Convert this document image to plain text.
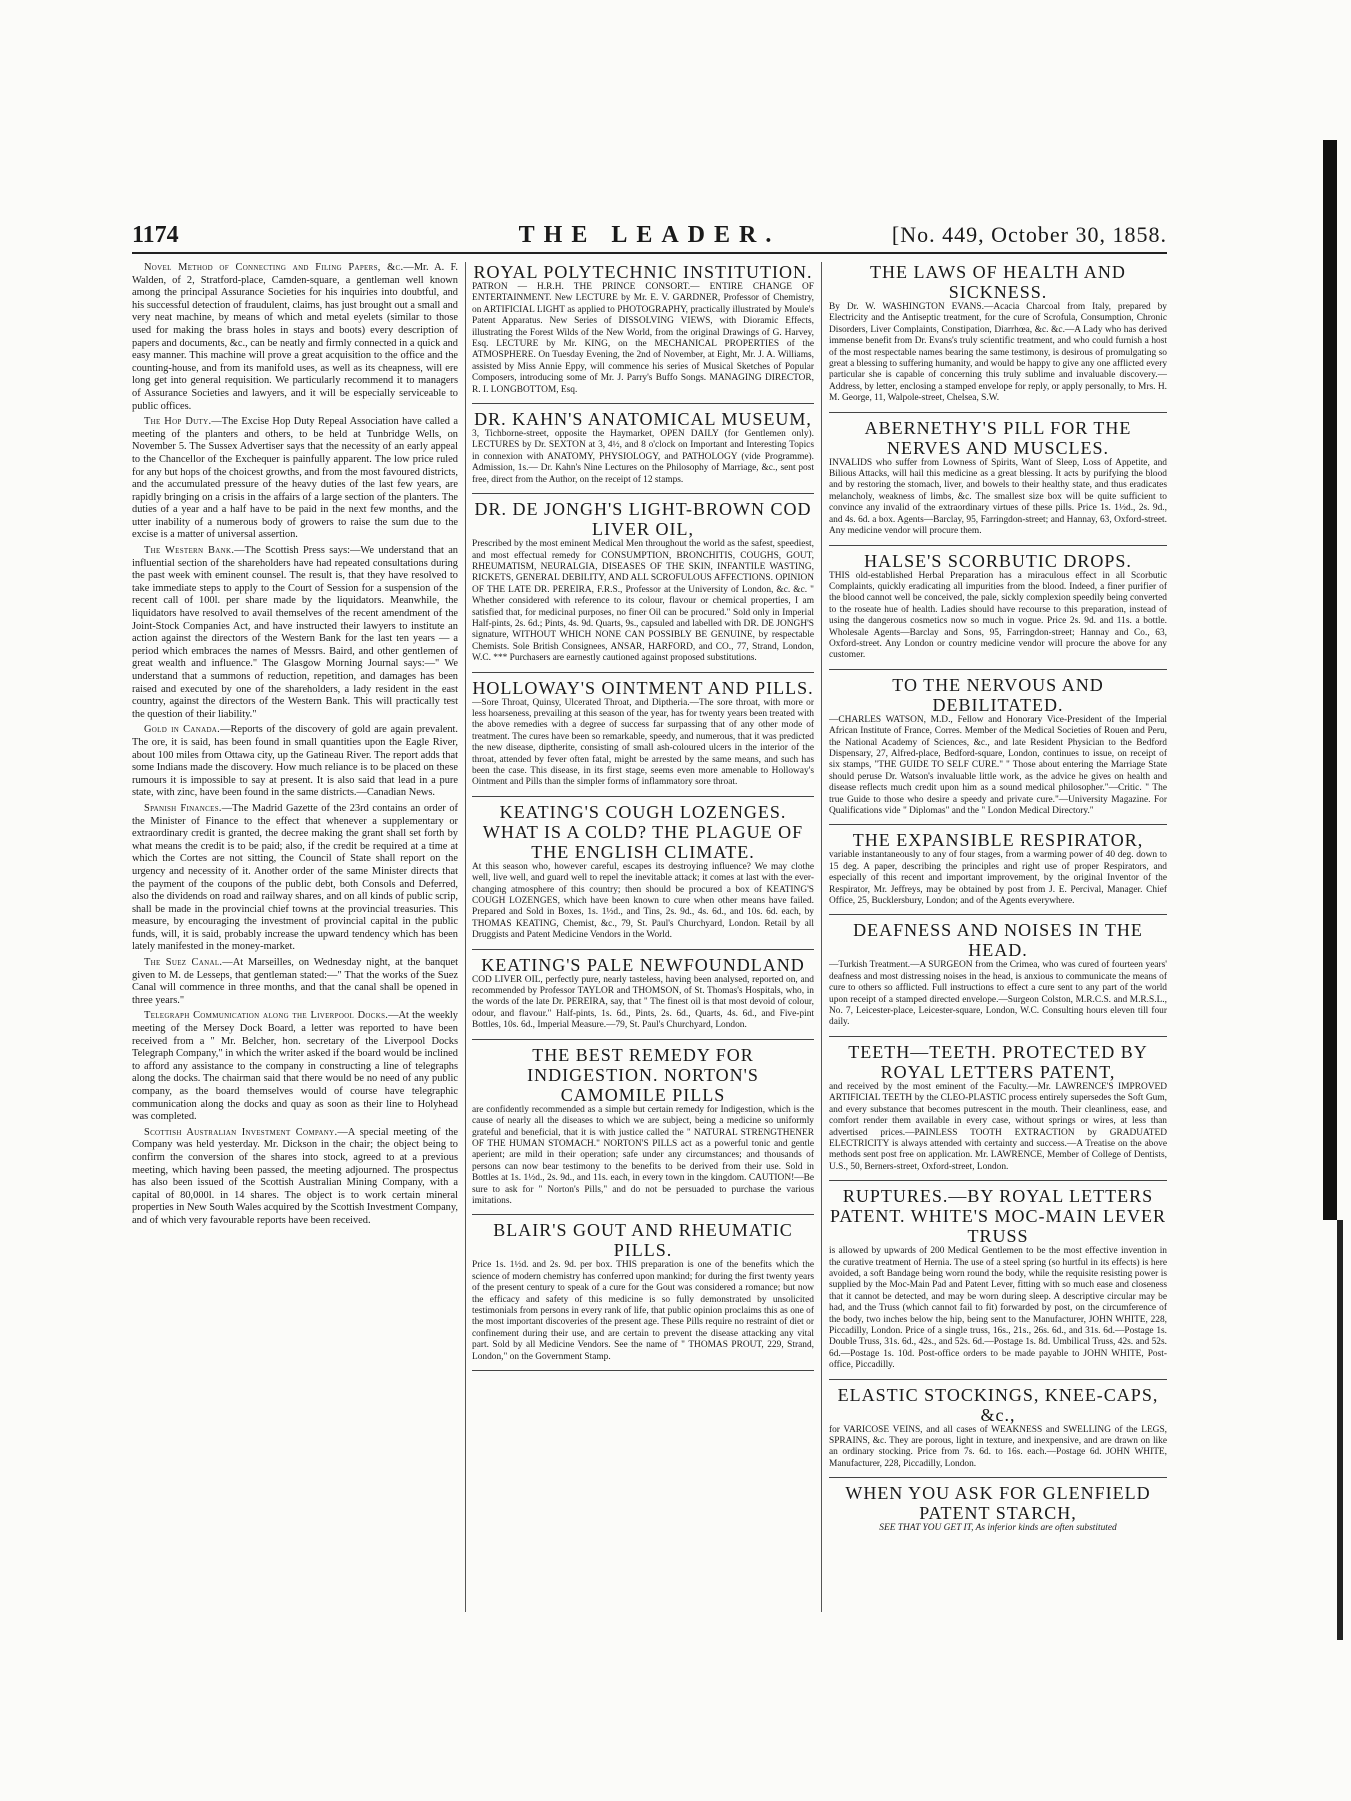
1174	THE LEADER.	[No. 449, October 30, 1858.

Novel Method of Connecting and Filing Papers, &c.—Mr. A. F. Walden, of 2, Stratford-place, Camden-square, a gentleman well known among the principal Assurance Societies for his inquiries into doubtful, and his successful detection of fraudulent, claims, has just brought out a small and very neat machine, by means of which and metal eyelets (similar to those used for making the brass holes in stays and boots) every description of papers and documents, &c., can be neatly and firmly connected in a quick and easy manner. This machine will prove a great acquisition to the office and the counting-house, and from its manifold uses, as well as its cheapness, will ere long get into general requisition. We particularly recommend it to managers of Assurance Societies and lawyers, and it will be especially serviceable to public offices.

The Hop Duty.—The Excise Hop Duty Repeal Association have called a meeting of the planters and others, to be held at Tunbridge Wells, on November 5. The Sussex Advertiser says that the necessity of an early appeal to the Chancellor of the Exchequer is painfully apparent. The low price ruled for any but hops of the choicest growths, and from the most favoured districts, and the accumulated pressure of the heavy duties of the last few years, are rapidly bringing on a crisis in the affairs of a large section of the planters. The duties of a year and a half have to be paid in the next few months, and the utter inability of a numerous body of growers to raise the sum due to the excise is a matter of universal assertion.

The Western Bank.—The Scottish Press says:—We understand that an influential section of the shareholders have had repeated consultations during the past week with eminent counsel. The result is, that they have resolved to take immediate steps to apply to the Court of Session for a suspension of the recent call of 100l. per share made by the liquidators. Meanwhile, the liquidators have resolved to avail themselves of the recent amendment of the Joint-Stock Companies Act, and have instructed their lawyers to institute an action against the directors of the Western Bank for the last ten years — a period which embraces the names of Messrs. Baird, and other gentlemen of great wealth and influence." The Glasgow Morning Journal says:—" We understand that a summons of reduction, repetition, and damages has been raised and executed by one of the shareholders, a lady resident in the east country, against the directors of the Western Bank. This will practically test the question of their liability."

Gold in Canada.—Reports of the discovery of gold are again prevalent. The ore, it is said, has been found in small quantities upon the Eagle River, about 100 miles from Ottawa city, up the Gatineau River. The report adds that some Indians made the discovery. How much reliance is to be placed on these rumours it is impossible to say at present. It is also said that lead in a pure state, with zinc, have been found in the same districts.—Canadian News.

Spanish Finances.—The Madrid Gazette of the 23rd contains an order of the Minister of Finance to the effect that whenever a supplementary or extraordinary credit is granted, the decree making the grant shall set forth by what means the credit is to be paid; also, if the credit be required at a time at which the Cortes are not sitting, the Council of State shall report on the urgency and necessity of it. Another order of the same Minister directs that the payment of the coupons of the public debt, both Consols and Deferred, also the dividends on road and railway shares, and on all kinds of public scrip, shall be made in the provincial chief towns at the provincial treasuries. This measure, by encouraging the investment of provincial capital in the public funds, will, it is said, probably increase the upward tendency which has been lately manifested in the money-market.

The Suez Canal.—At Marseilles, on Wednesday night, at the banquet given to M. de Lesseps, that gentleman stated:—" That the works of the Suez Canal will commence in three months, and that the canal shall be opened in three years."

Telegraph Communication along the Liverpool Docks.—At the weekly meeting of the Mersey Dock Board, a letter was reported to have been received from a " Mr. Belcher, hon. secretary of the Liverpool Docks Telegraph Company," in which the writer asked if the board would be inclined to afford any assistance to the company in constructing a line of telegraphs along the docks. The chairman said that there would be no need of any public company, as the board themselves would of course have telegraphic communication along the docks and quay as soon as their line to Holyhead was completed.

Scottish Australian Investment Company.—A special meeting of the Company was held yesterday. Mr. Dickson in the chair; the object being to confirm the conversion of the shares into stock, agreed to at a previous meeting, which having been passed, the meeting adjourned. The prospectus has also been issued of the Scottish Australian Mining Company, with a capital of 80,000l. in 14 shares. The object is to work certain mineral properties in New South Wales acquired by the Scottish Investment Company, and of which very favourable reports have been received.

ROYAL POLYTECHNIC INSTITUTION.

PATRON — H.R.H. THE PRINCE CONSORT.— ENTIRE CHANGE OF ENTERTAINMENT. New LECTURE by Mr. E. V. GARDNER, Professor of Chemistry, on ARTIFICIAL LIGHT as applied to PHOTOGRAPHY, practically illustrated by Moule's Patent Apparatus. New Series of DISSOLVING VIEWS, with Dioramic Effects, illustrating the Forest Wilds of the New World, from the original Drawings of G. Harvey, Esq. LECTURE by Mr. KING, on the MECHANICAL PROPERTIES of the ATMOSPHERE. On Tuesday Evening, the 2nd of November, at Eight, Mr. J. A. Williams, assisted by Miss Annie Eppy, will commence his series of Musical Sketches of Popular Composers, introducing some of Mr. J. Parry's Buffo Songs. MANAGING DIRECTOR, R. I. LONGBOTTOM, Esq.

DR. KAHN'S ANATOMICAL MUSEUM,

3, Tichborne-street, opposite the Haymarket, OPEN DAILY (for Gentlemen only). LECTURES by Dr. SEXTON at 3, 4½, and 8 o'clock on Important and Interesting Topics in connexion with ANATOMY, PHYSIOLOGY, and PATHOLOGY (vide Programme). Admission, 1s.— Dr. Kahn's Nine Lectures on the Philosophy of Marriage, &c., sent post free, direct from the Author, on the receipt of 12 stamps.

DR. DE JONGH'S LIGHT-BROWN COD LIVER OIL,

Prescribed by the most eminent Medical Men throughout the world as the safest, speediest, and most effectual remedy for CONSUMPTION, BRONCHITIS, COUGHS, GOUT, RHEUMATISM, NEURALGIA, DISEASES OF THE SKIN, INFANTILE WASTING, RICKETS, GENERAL DEBILITY, AND ALL SCROFULOUS AFFECTIONS. OPINION OF THE LATE DR. PEREIRA, F.R.S., Professor at the University of London, &c. &c. " Whether considered with reference to its colour, flavour or chemical properties, I am satisfied that, for medicinal purposes, no finer Oil can be procured." Sold only in Imperial Half-pints, 2s. 6d.; Pints, 4s. 9d. Quarts, 9s., capsuled and labelled with DR. DE JONGH'S signature, WITHOUT WHICH NONE CAN POSSIBLY BE GENUINE, by respectable Chemists. Sole British Consignees, ANSAR, HARFORD, and CO., 77, Strand, London, W.C. *** Purchasers are earnestly cautioned against proposed substitutions.

HOLLOWAY'S OINTMENT AND PILLS.

—Sore Throat, Quinsy, Ulcerated Throat, and Diptheria.—The sore throat, with more or less hoarseness, prevailing at this season of the year, has for twenty years been treated with the above remedies with a degree of success far surpassing that of any other mode of treatment. The cures have been so remarkable, speedy, and numerous, that it was predicted the new disease, diptherite, consisting of small ash-coloured ulcers in the interior of the throat, attended by fever often fatal, might be arrested by the same means, and such has been the case. This disease, in its first stage, seems even more amenable to Holloway's Ointment and Pills than the simpler forms of inflammatory sore throat.

KEATING'S COUGH LOZENGES. WHAT IS A COLD? THE PLAGUE OF THE ENGLISH CLIMATE.

At this season who, however careful, escapes its destroying influence? We may clothe well, live well, and guard well to repel the inevitable attack; it comes at last with the ever-changing atmosphere of this country; then should be procured a box of KEATING'S COUGH LOZENGES, which have been known to cure when other means have failed. Prepared and Sold in Boxes, 1s. 1½d., and Tins, 2s. 9d., 4s. 6d., and 10s. 6d. each, by THOMAS KEATING, Chemist, &c., 79, St. Paul's Churchyard, London. Retail by all Druggists and Patent Medicine Vendors in the World.

KEATING'S PALE NEWFOUNDLAND

COD LIVER OIL, perfectly pure, nearly tasteless, having been analysed, reported on, and recommended by Professor TAYLOR and THOMSON, of St. Thomas's Hospitals, who, in the words of the late Dr. PEREIRA, say, that " The finest oil is that most devoid of colour, odour, and flavour." Half-pints, 1s. 6d., Pints, 2s. 6d., Quarts, 4s. 6d., and Five-pint Bottles, 10s. 6d., Imperial Measure.—79, St. Paul's Churchyard, London.

THE BEST REMEDY FOR INDIGESTION. NORTON'S CAMOMILE PILLS

are confidently recommended as a simple but certain remedy for Indigestion, which is the cause of nearly all the diseases to which we are subject, being a medicine so uniformly grateful and beneficial, that it is with justice called the " NATURAL STRENGTHENER OF THE HUMAN STOMACH." NORTON'S PILLS act as a powerful tonic and gentle aperient; are mild in their operation; safe under any circumstances; and thousands of persons can now bear testimony to the benefits to be derived from their use. Sold in Bottles at 1s. 1½d., 2s. 9d., and 11s. each, in every town in the kingdom. CAUTION!—Be sure to ask for " Norton's Pills," and do not be persuaded to purchase the various imitations.

BLAIR'S GOUT AND RHEUMATIC PILLS.

Price 1s. 1½d. and 2s. 9d. per box. THIS preparation is one of the benefits which the science of modern chemistry has conferred upon mankind; for during the first twenty years of the present century to speak of a cure for the Gout was considered a romance; but now the efficacy and safety of this medicine is so fully demonstrated by unsolicited testimonials from persons in every rank of life, that public opinion proclaims this as one of the most important discoveries of the present age. These Pills require no restraint of diet or confinement during their use, and are certain to prevent the disease attacking any vital part. Sold by all Medicine Vendors. See the name of " THOMAS PROUT, 229, Strand, London," on the Government Stamp.

THE LAWS OF HEALTH AND SICKNESS.

By Dr. W. WASHINGTON EVANS.—Acacia Charcoal from Italy, prepared by Electricity and the Antiseptic treatment, for the cure of Scrofula, Consumption, Chronic Disorders, Liver Complaints, Constipation, Diarrhœa, &c. &c.—A Lady who has derived immense benefit from Dr. Evans's truly scientific treatment, and who could furnish a host of the most respectable names bearing the same testimony, is desirous of promulgating so great a blessing to suffering humanity, and would be happy to give any one afflicted every particular she is capable of concerning this truly sublime and invaluable discovery.—Address, by letter, enclosing a stamped envelope for reply, or apply personally, to Mrs. H. M. George, 11, Walpole-street, Chelsea, S.W.

ABERNETHY'S PILL FOR THE NERVES AND MUSCLES.

INVALIDS who suffer from Lowness of Spirits, Want of Sleep, Loss of Appetite, and Bilious Attacks, will hail this medicine as a great blessing. It acts by purifying the blood and by restoring the stomach, liver, and bowels to their healthy state, and thus eradicates melancholy, weakness of limbs, &c. The smallest size box will be quite sufficient to convince any invalid of the extraordinary virtues of these pills. Price 1s. 1½d., 2s. 9d., and 4s. 6d. a box. Agents—Barclay, 95, Farringdon-street; and Hannay, 63, Oxford-street. Any medicine vendor will procure them.

HALSE'S SCORBUTIC DROPS.

THIS old-established Herbal Preparation has a miraculous effect in all Scorbutic Complaints, quickly eradicating all impurities from the blood. Indeed, a finer purifier of the blood cannot well be conceived, the pale, sickly complexion speedily being converted to the roseate hue of health. Ladies should have recourse to this preparation, instead of using the dangerous cosmetics now so much in vogue. Price 2s. 9d. and 11s. a bottle. Wholesale Agents—Barclay and Sons, 95, Farringdon-street; Hannay and Co., 63, Oxford-street. Any London or country medicine vendor will procure the above for any customer.

TO THE NERVOUS AND DEBILITATED.

—CHARLES WATSON, M.D., Fellow and Honorary Vice-President of the Imperial African Institute of France, Corres. Member of the Medical Societies of Rouen and Peru, the National Academy of Sciences, &c., and late Resident Physician to the Bedford Dispensary, 27, Alfred-place, Bedford-square, London, continues to issue, on receipt of six stamps, "THE GUIDE TO SELF CURE." " Those about entering the Marriage State should peruse Dr. Watson's invaluable little work, as the advice he gives on health and disease reflects much credit upon him as a sound medical philosopher."—Critic. " The true Guide to those who desire a speedy and private cure."—University Magazine. For Qualifications vide " Diplomas" and the " London Medical Directory."

THE EXPANSIBLE RESPIRATOR,

variable instantaneously to any of four stages, from a warming power of 40 deg. down to 15 deg. A paper, describing the principles and right use of proper Respirators, and especially of this recent and important improvement, by the original Inventor of the Respirator, Mr. Jeffreys, may be obtained by post from J. E. Percival, Manager. Chief Office, 25, Bucklersbury, London; and of the Agents everywhere.

DEAFNESS AND NOISES IN THE HEAD.

—Turkish Treatment.—A SURGEON from the Crimea, who was cured of fourteen years' deafness and most distressing noises in the head, is anxious to communicate the means of cure to others so afflicted. Full instructions to effect a cure sent to any part of the world upon receipt of a stamped directed envelope.—Surgeon Colston, M.R.C.S. and M.R.S.L., No. 7, Leicester-place, Leicester-square, London, W.C. Consulting hours eleven till four daily.

TEETH—TEETH. PROTECTED BY ROYAL LETTERS PATENT,

and received by the most eminent of the Faculty.—Mr. LAWRENCE'S IMPROVED ARTIFICIAL TEETH by the CLEO-PLASTIC process entirely supersedes the Soft Gum, and every substance that becomes putrescent in the mouth. Their cleanliness, ease, and comfort render them available in every case, without springs or wires, at less than advertised prices.—PAINLESS TOOTH EXTRACTION by GRADUATED ELECTRICITY is always attended with certainty and success.—A Treatise on the above methods sent post free on application. Mr. LAWRENCE, Member of College of Dentists, U.S., 50, Berners-street, Oxford-street, London.

RUPTURES.—BY ROYAL LETTERS PATENT. WHITE'S MOC-MAIN LEVER TRUSS

is allowed by upwards of 200 Medical Gentlemen to be the most effective invention in the curative treatment of Hernia. The use of a steel spring (so hurtful in its effects) is here avoided, a soft Bandage being worn round the body, while the requisite resisting power is supplied by the Moc-Main Pad and Patent Lever, fitting with so much ease and closeness that it cannot be detected, and may be worn during sleep. A descriptive circular may be had, and the Truss (which cannot fail to fit) forwarded by post, on the circumference of the body, two inches below the hip, being sent to the Manufacturer, JOHN WHITE, 228, Piccadilly, London. Price of a single truss, 16s., 21s., 26s. 6d., and 31s. 6d.—Postage 1s. Double Truss, 31s. 6d., 42s., and 52s. 6d.—Postage 1s. 8d. Umbilical Truss, 42s. and 52s. 6d.—Postage 1s. 10d. Post-office orders to be made payable to JOHN WHITE, Post-office, Piccadilly.

ELASTIC STOCKINGS, KNEE-CAPS, &c.,

for VARICOSE VEINS, and all cases of WEAKNESS and SWELLING of the LEGS, SPRAINS, &c. They are porous, light in texture, and inexpensive, and are drawn on like an ordinary stocking. Price from 7s. 6d. to 16s. each.—Postage 6d. JOHN WHITE, Manufacturer, 228, Piccadilly, London.

WHEN YOU ASK FOR GLENFIELD PATENT STARCH,

SEE THAT YOU GET IT, As inferior kinds are often substituted
